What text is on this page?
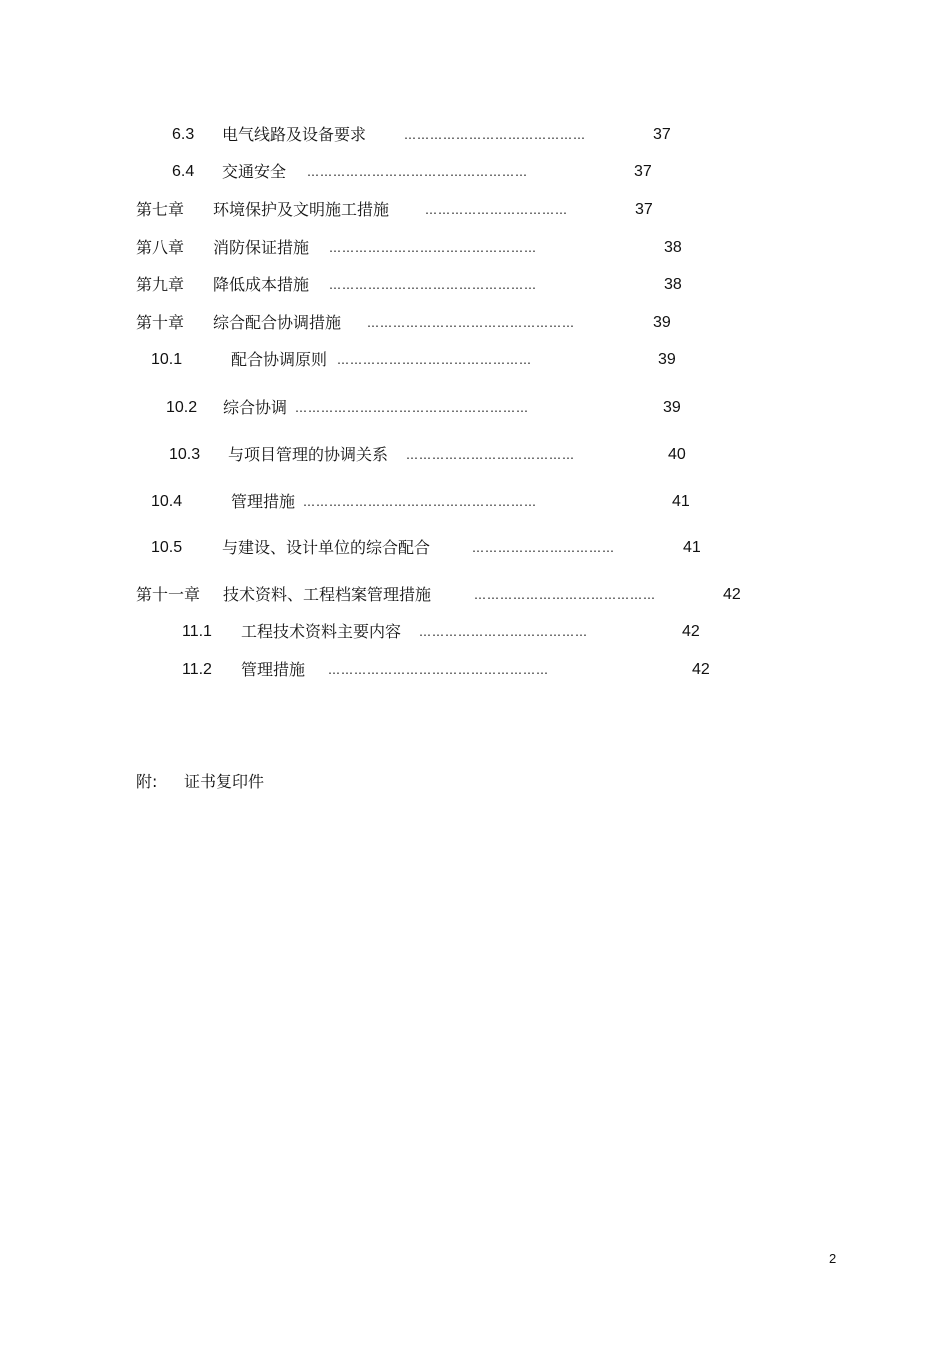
6.3 电气线路及设备要求	……………………………………	37
6.4 交通安全 ……………………………………………	37
第七章 环境保护及文明施工措施	……………………………	37
第八章 消防保证措施 …………………………………………	38
第九章 降低成本措施 …………………………………………	38
第十章 综合配合协调措施 …………………………………………	39
10.1	配合协调原则 ………………………………………	39
10.2 综合协调 ………………………………………………	39
10.3 与项目管理的协调关系 …………………………………	40
10.4	管理措施 ………………………………………………	41
10.5 与建设、设计单位的综合配合	……………………………	41
第十一章 技术资料、工程档案管理措施	……………………………………	42
11.1 工程技术资料主要内容 …………………………………	42
11.2 管理措施 ……………………………………………	42
附: 证书复印件
2
